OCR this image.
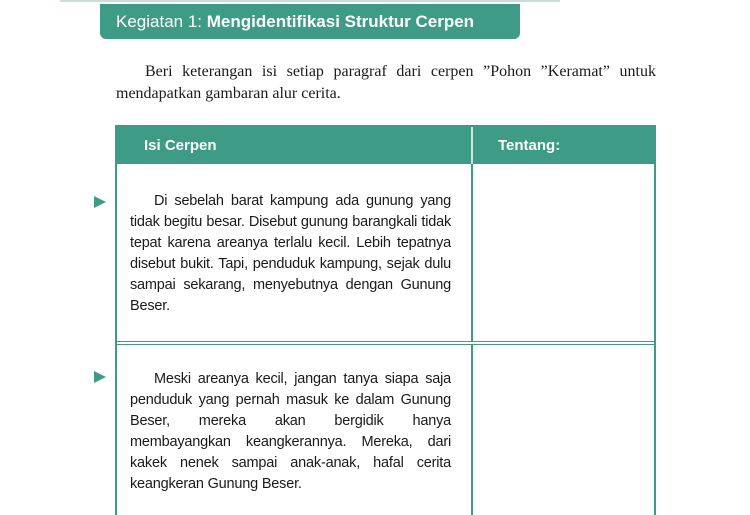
Kegiatan 1: Mengidentifikasi Struktur Cerpen

Beri keterangan isi setiap paragraf dari cerpen ”Pohon ”Keramat” untuk mendapatkan gambaran alur cerita.

Isi Cerpen	Tentang:
Di sebelah barat kampung ada gunung yang tidak begitu besar. Disebut gunung barangkali tidak tepat karena areanya terlalu kecil. Lebih tepatnya disebut bukit. Tapi, penduduk kampung, sejak dulu sampai sekarang, menyebutnya dengan Gunung Beser.
Meski areanya kecil, jangan tanya siapa saja penduduk yang pernah masuk ke dalam Gunung Beser, mereka akan bergidik hanya membayangkan keangkerannya. Mereka, dari kakek nenek sampai anak-anak, hafal cerita keangkeran Gunung Beser.
